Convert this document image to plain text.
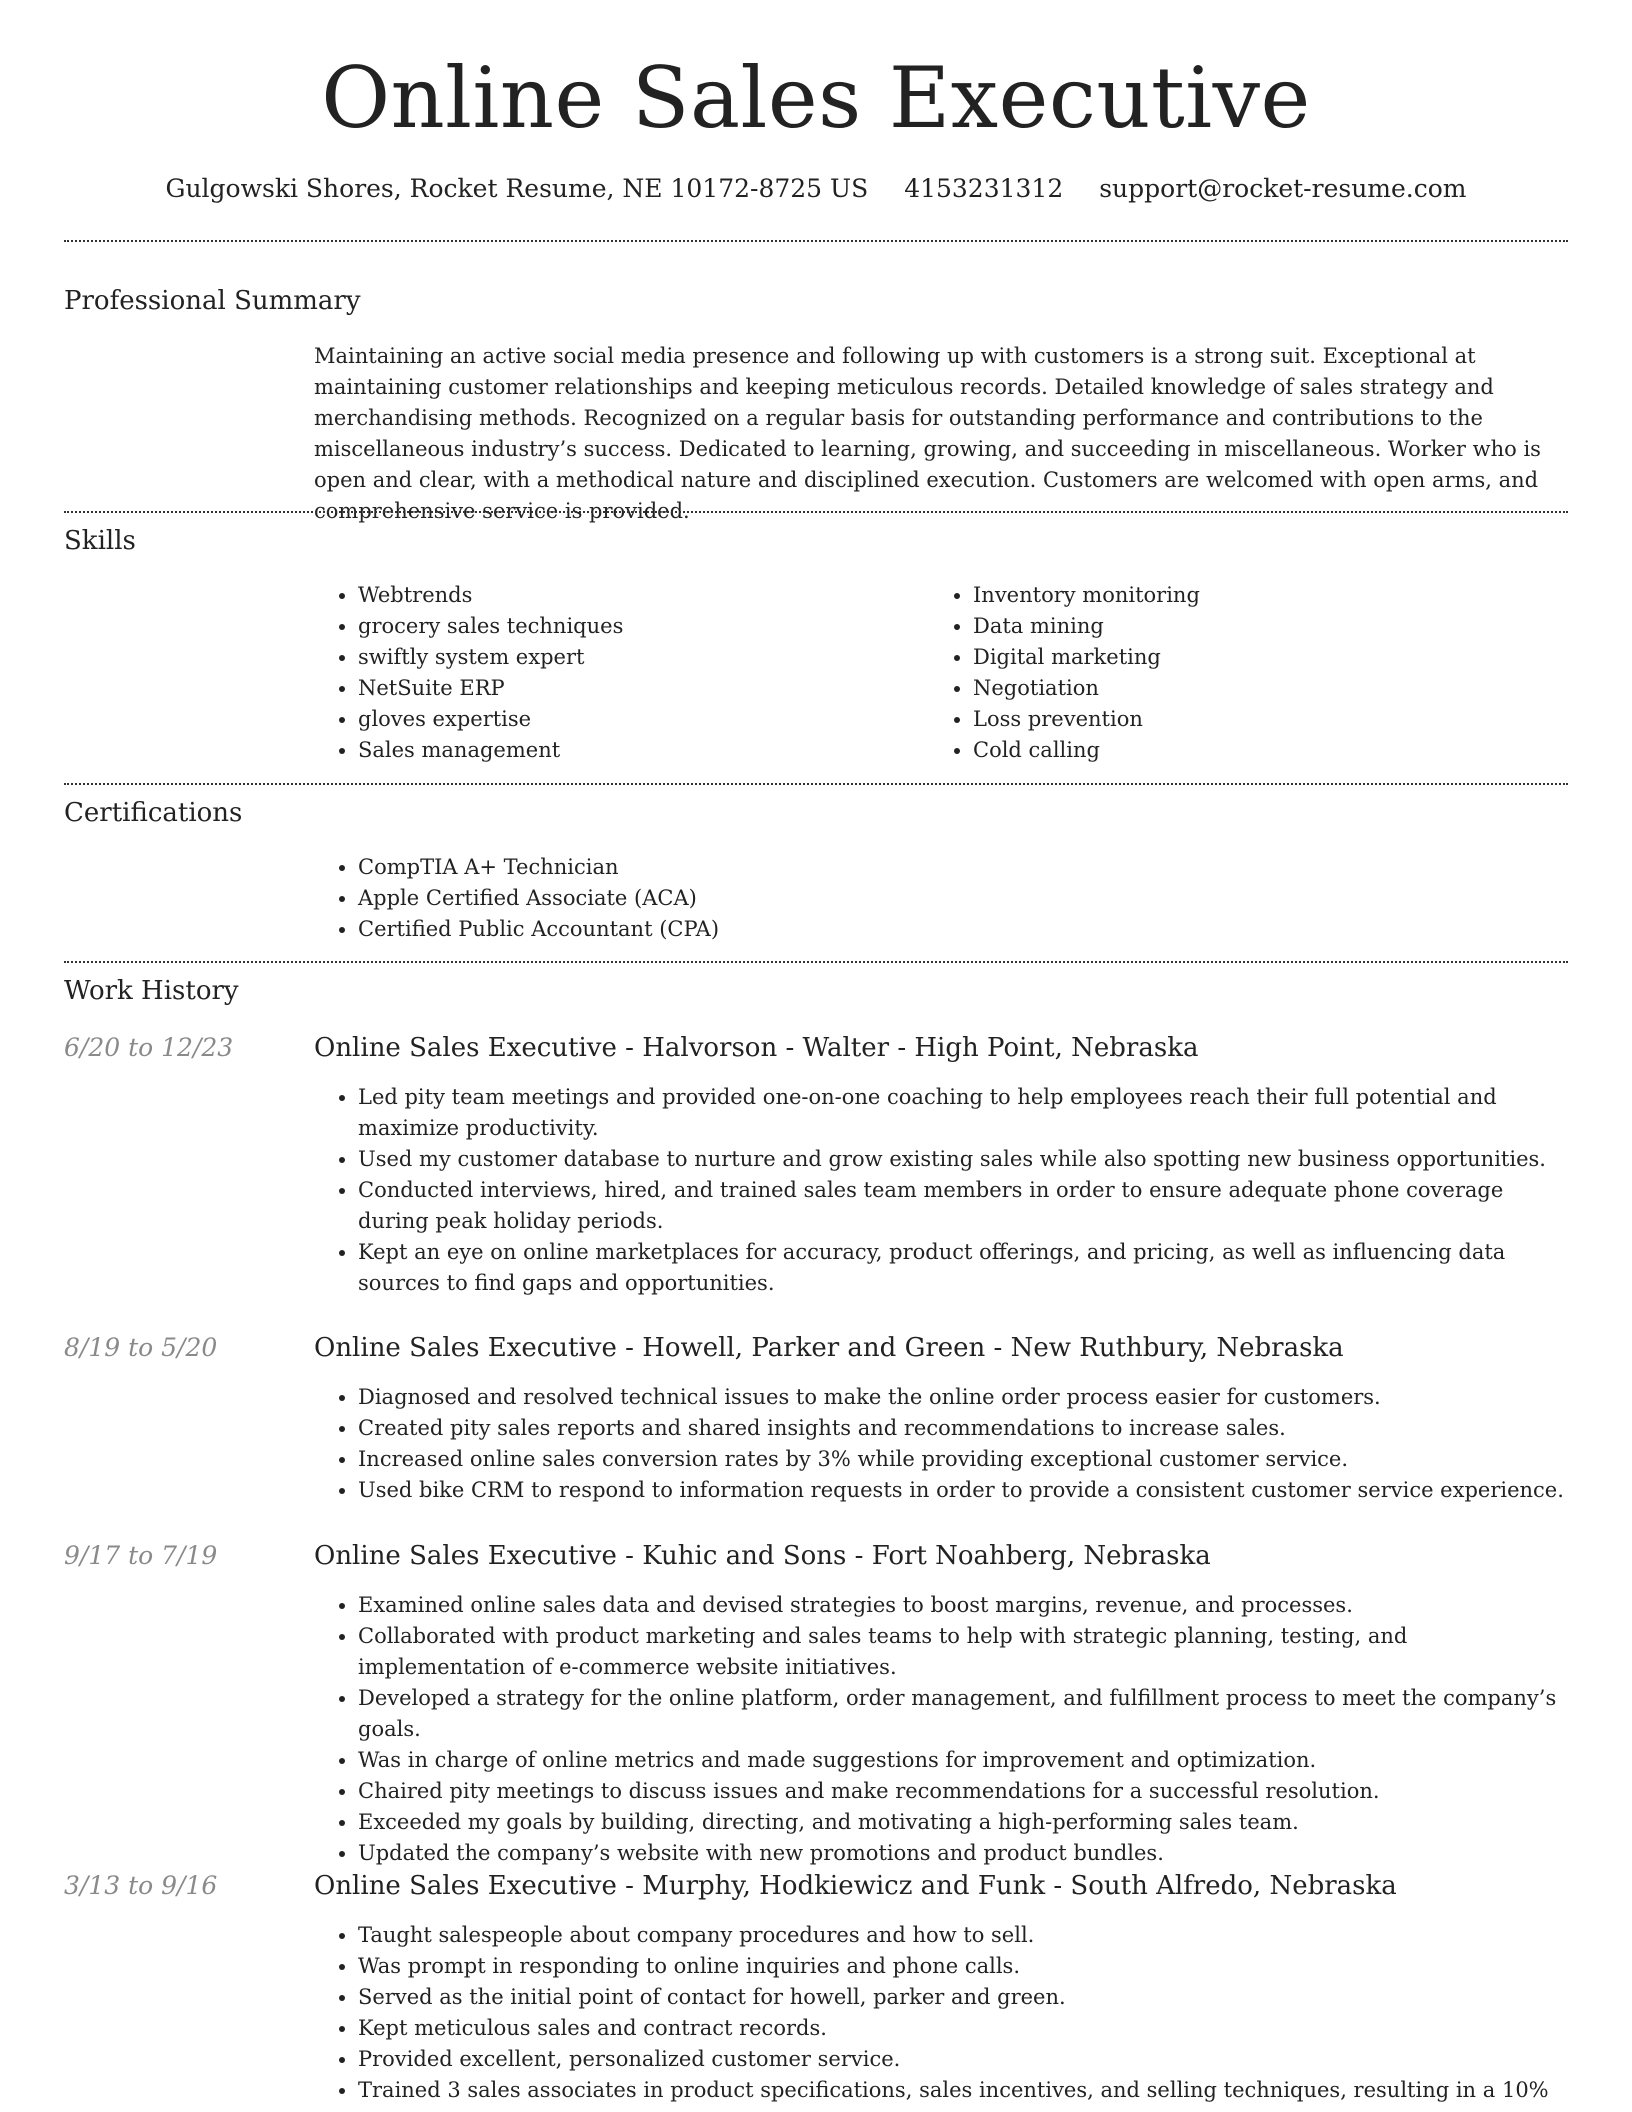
Online Sales Executive
Gulgowski Shores, Rocket Resume, NE 10172-8725 US 4153231312 support@rocket-resume.com
Professional Summary

Maintaining an active social media presence and following up with customers is a strong suit. Exceptional at maintaining customer relationships and keeping meticulous records. Detailed knowledge of sales strategy and merchandising methods. Recognized on a regular basis for outstanding performance and contributions to the miscellaneous industry’s success. Dedicated to learning, growing, and succeeding in miscellaneous. Worker who is open and clear, with a methodical nature and disciplined execution. Customers are welcomed with open arms, and comprehensive service is provided.

Skills
• Webtrends
• grocery sales techniques
• swiftly system expert
• NetSuite ERP
• gloves expertise
• Sales management
• Inventory monitoring
• Data mining
• Digital marketing
• Negotiation
• Loss prevention
• Cold calling
Certifications
• CompTIA A+ Technician
• Apple Certified Associate (ACA)
• Certified Public Accountant (CPA)
Work History
6/20 to 12/23	Online Sales Executive - Halvorson - Walter - High Point, Nebraska
• Led pity team meetings and provided one-on-one coaching to help employees reach their full potential and maximize productivity.
• Used my customer database to nurture and grow existing sales while also spotting new business opportunities.
• Conducted interviews, hired, and trained sales team members in order to ensure adequate phone coverage during peak holiday periods.
• Kept an eye on online marketplaces for accuracy, product offerings, and pricing, as well as influencing data sources to find gaps and opportunities.
8/19 to 5/20	Online Sales Executive - Howell, Parker and Green - New Ruthbury, Nebraska
• Diagnosed and resolved technical issues to make the online order process easier for customers.
• Created pity sales reports and shared insights and recommendations to increase sales.
• Increased online sales conversion rates by 3% while providing exceptional customer service.
• Used bike CRM to respond to information requests in order to provide a consistent customer service experience.
9/17 to 7/19	Online Sales Executive - Kuhic and Sons - Fort Noahberg, Nebraska
• Examined online sales data and devised strategies to boost margins, revenue, and processes.
• Collaborated with product marketing and sales teams to help with strategic planning, testing, and implementation of e-commerce website initiatives.
• Developed a strategy for the online platform, order management, and fulfillment process to meet the company’s goals.
• Was in charge of online metrics and made suggestions for improvement and optimization.
• Chaired pity meetings to discuss issues and make recommendations for a successful resolution.
• Exceeded my goals by building, directing, and motivating a high-performing sales team.
• Updated the company’s website with new promotions and product bundles.
3/13 to 9/16	Online Sales Executive - Murphy, Hodkiewicz and Funk - South Alfredo, Nebraska
• Taught salespeople about company procedures and how to sell.
• Was prompt in responding to online inquiries and phone calls.
• Served as the initial point of contact for howell, parker and green.
• Kept meticulous sales and contract records.
• Provided excellent, personalized customer service.
• Trained 3 sales associates in product specifications, sales incentives, and selling techniques, resulting in a 10%
